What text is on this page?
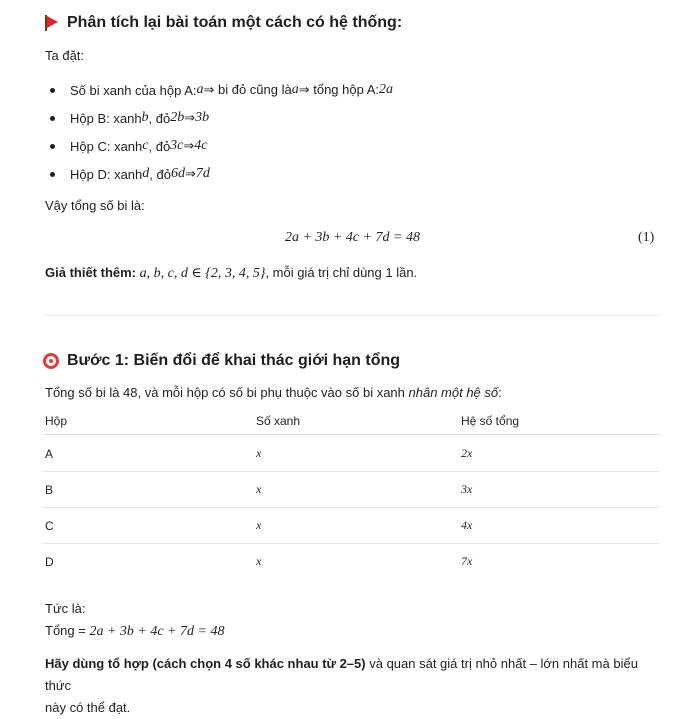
Phân tích lại bài toán một cách có hệ thống:
Ta đặt:
Số bi xanh của hộp A: a ⇒ bi đỏ cũng là a ⇒ tổng hộp A: 2a
Hộp B: xanh b , đỏ 2b ⇒ 3b
Hộp C: xanh c , đỏ 3c ⇒ 4c
Hộp D: xanh d , đỏ 6d ⇒ 7d
Vậy tổng số bi là:
2a + 3b + 4c + 7d = 48	(1)
Giả thiết thêm: a, b, c, d ∈ {2, 3, 4, 5}, mỗi giá trị chỉ dùng 1 lần.
Bước 1: Biến đổi để khai thác giới hạn tổng
Tổng số bi là 48, và mỗi hộp có số bi phụ thuộc vào số bi xanh nhân một hệ số:
Hộp	Số xanh	Hệ số tổng
A	x	2x
B	x	3x
C	x	4x
D	x	7x
Tức là:
Tổng = 2a + 3b + 4c + 7d = 48
Hãy dùng tổ hợp (cách chọn 4 số khác nhau từ 2–5) và quan sát giá trị nhỏ nhất – lớn nhất mà biểu thức
này có thể đạt.
